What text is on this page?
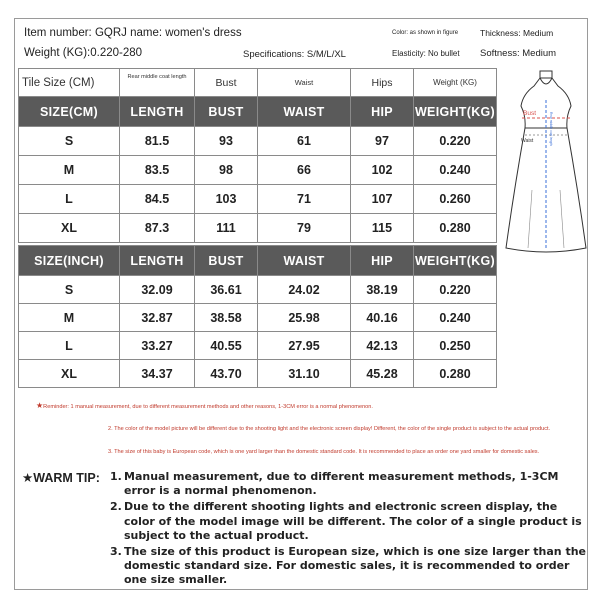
Item number: GQRJ name: women's dress	Color: as shown in figure	Thickness: Medium
Weight (KG):0.220-280	Specifications: S/M/L/XL	Elasticity: No bullet Softness: Medium
Tile Size (CM)	Rear middle coat length	Bust	Waist	Hips	Weight (KG)
SIZE(CM)	LENGTH	BUST	WAIST	HIP	WEIGHT(KG)
S	81.5	93	61	97	0.220
M	83.5	98	66	102	0.240
L	84.5	103	71	107	0.260
XL	87.3	111	79	115	0.280
SIZE(INCH)	LENGTH	BUST	WAIST	HIP	WEIGHT(KG)
S	32.09	36.61	24.02	38.19	0.220
M	32.87	38.58	25.98	40.16	0.240
L	33.27	40.55	27.95	42.13	0.250
XL	34.37	43.70	31.10	45.28	0.280
Bust
Waist	Rear middle coat length
★Reminder: 1 manual measurement, due to different measurement methods and other reasons, 1-3CM error is a normal phenomenon.
2. The color of the model picture will be different due to the shooting light and the electronic screen display! Different, the color of the single product is subject to the actual product.
3. The size of this baby is European code, which is one yard larger than the domestic standard code. It is recommended to place an order one yard smaller for domestic sales.
★WARM TIP: 1. Manual measurement, due to different measurement methods, 1-3CM error is a normal phenomenon.
2. Due to the different shooting lights and electronic screen display, the color of the model image will be different. The color of a single product is subject to the actual product.
3. The size of this product is European size, which is one size larger than the domestic standard size. For domestic sales, it is recommended to order one size smaller.
